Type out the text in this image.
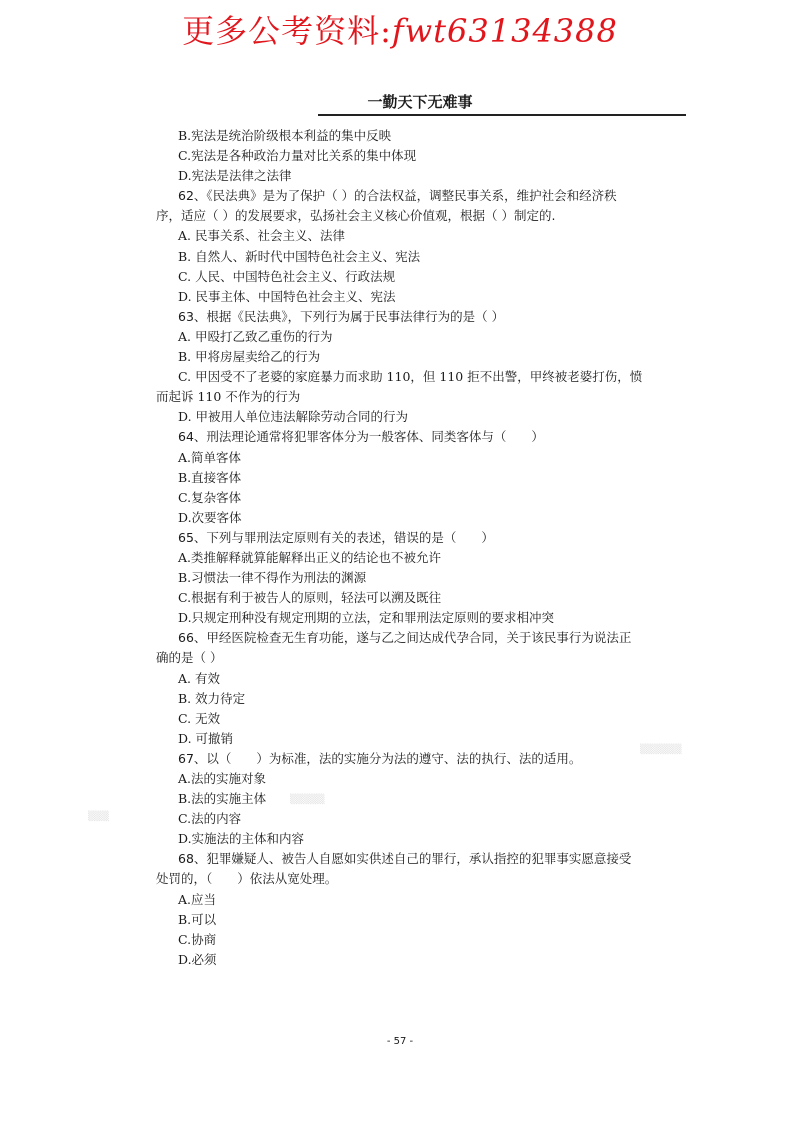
更多公考资料:fwt63134388
一勤天下无难事
B.宪法是统治阶级根本利益的集中反映
C.宪法是各种政治力量对比关系的集中体现
D.宪法是法律之法律
62、《民法典》是为了保护（ ）的合法权益，调整民事关系，维护社会和经济秩
序，适应（ ）的发展要求，弘扬社会主义核心价值观，根据（ ）制定的.
A. 民事关系、社会主义、法律
B. 自然人、新时代中国特色社会主义、宪法
C. 人民、中国特色社会主义、行政法规
D. 民事主体、中国特色社会主义、宪法
63、根据《民法典》，下列行为属于民事法律行为的是（ ）
A. 甲殴打乙致乙重伤的行为
B. 甲将房屋卖给乙的行为
C. 甲因受不了老婆的家庭暴力而求助 110，但 110 拒不出警，甲终被老婆打伤，愤
而起诉 110 不作为的行为
D. 甲被用人单位违法解除劳动合同的行为
64、刑法理论通常将犯罪客体分为一般客体、同类客体与（　　）
A.简单客体
B.直接客体
C.复杂客体
D.次要客体
65、下列与罪刑法定原则有关的表述，错误的是（　　）
A.类推解释就算能解释出正义的结论也不被允许
B.习惯法一律不得作为刑法的渊源
C.根据有利于被告人的原则，轻法可以溯及既往
D.只规定刑种没有规定刑期的立法，定和罪刑法定原则的要求相冲突
66、甲经医院检查无生育功能，遂与乙之间达成代孕合同，关于该民事行为说法正
确的是（ ）
A. 有效
B. 效力待定
C. 无效
D. 可撤销
67、以（　　）为标准，法的实施分为法的遵守、法的执行、法的适用。
A.法的实施对象
B.法的实施主体
C.法的内容
D.实施法的主体和内容
68、犯罪嫌疑人、被告人自愿如实供述自己的罪行，承认指控的犯罪事实愿意接受
处罚的，（　　）依法从宽处理。
A.应当
B.可以
C.协商
D.必须
▒▒▒
▒▒▒▒▒
▒▒▒▒▒▒
- 57 -
